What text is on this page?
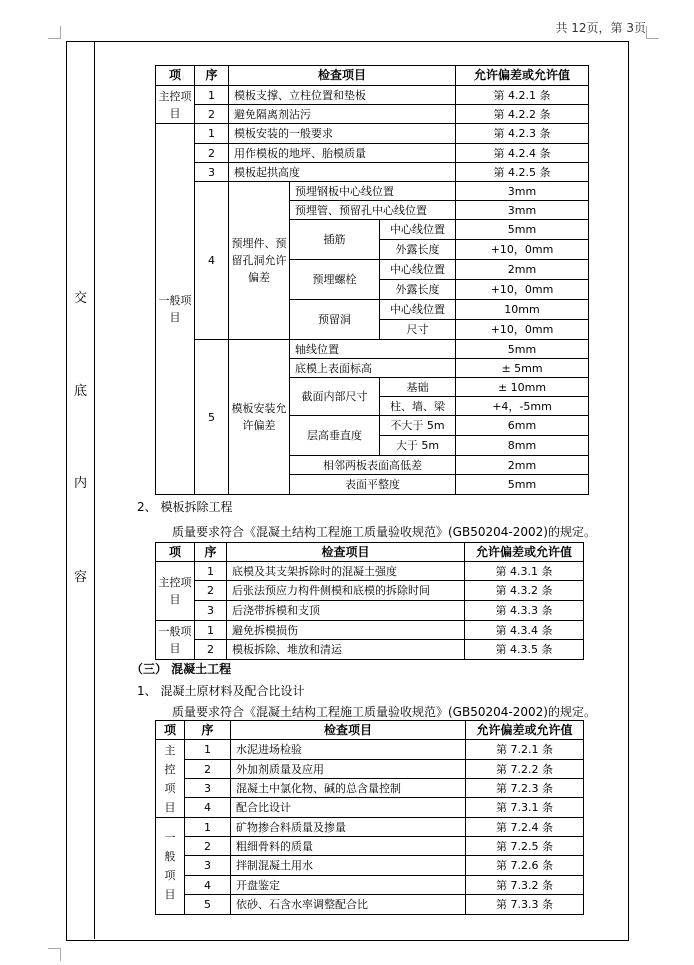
共 12页，第 3页
交
底
内
容
项	序	检查项目			允许偏差或允许值
主控项目	1	模板支撑、立柱位置和垫板			第 4.2.1 条
	2	避免隔离剂沾污			第 4.2.2 条
一般项目	1	模板安装的一般要求			第 4.2.3 条
	2	用作模板的地坪、胎模质量			第 4.2.4 条
	3	模板起拱高度			第 4.2.5 条
	4	预埋件、预留孔洞允许偏差	预埋钢板中心线位置		3mm
			预埋管、预留孔中心线位置		3mm
			插筋	中心线位置	5mm
				外露长度	+10，0mm
			预埋螺栓	中心线位置	2mm
				外露长度	+10，0mm
			预留洞	中心线位置	10mm
				尺寸	+10，0mm
	5	模板安装允许偏差	轴线位置		5mm
			底模上表面标高		± 5mm
			截面内部尺寸	基础	± 10mm
				柱、墙、梁	+4，-5mm
			层高垂直度	不大于 5m	6mm
				大于 5m	8mm
			相邻两板表面高低差		2mm
			表面平整度		5mm
2、 模板拆除工程
质量要求符合《混凝土结构工程施工质量验收规范》(GB50204-2002)的规定。
项	序	检查项目	允许偏差或允许值
主控项目	1	底模及其支架拆除时的混凝土强度	第 4.3.1 条
	2	后张法预应力构件侧模和底模的拆除时间	第 4.3.2 条
	3	后浇带拆模和支顶	第 4.3.3 条
一般项目	1	避免拆模损伤	第 4.3.4 条
	2	模板拆除、堆放和清运	第 4.3.5 条
（三） 混凝土工程
1、 混凝土原材料及配合比设计
质量要求符合《混凝土结构工程施工质量验收规范》(GB50204-2002)的规定。
项	序	检查项目	允许偏差或允许值
主控项目	1	水泥进场检验	第 7.2.1 条
	2	外加剂质量及应用	第 7.2.2 条
	3	混凝土中氯化物、碱的总含量控制	第 7.2.3 条
	4	配合比设计	第 7.3.1 条
一般项目	1	矿物掺合料质量及掺量	第 7.2.4 条
	2	粗细骨料的质量	第 7.2.5 条
	3	拌制混凝土用水	第 7.2.6 条
	4	开盘鉴定	第 7.3.2 条
	5	依砂、石含水率调整配合比	第 7.3.3 条
